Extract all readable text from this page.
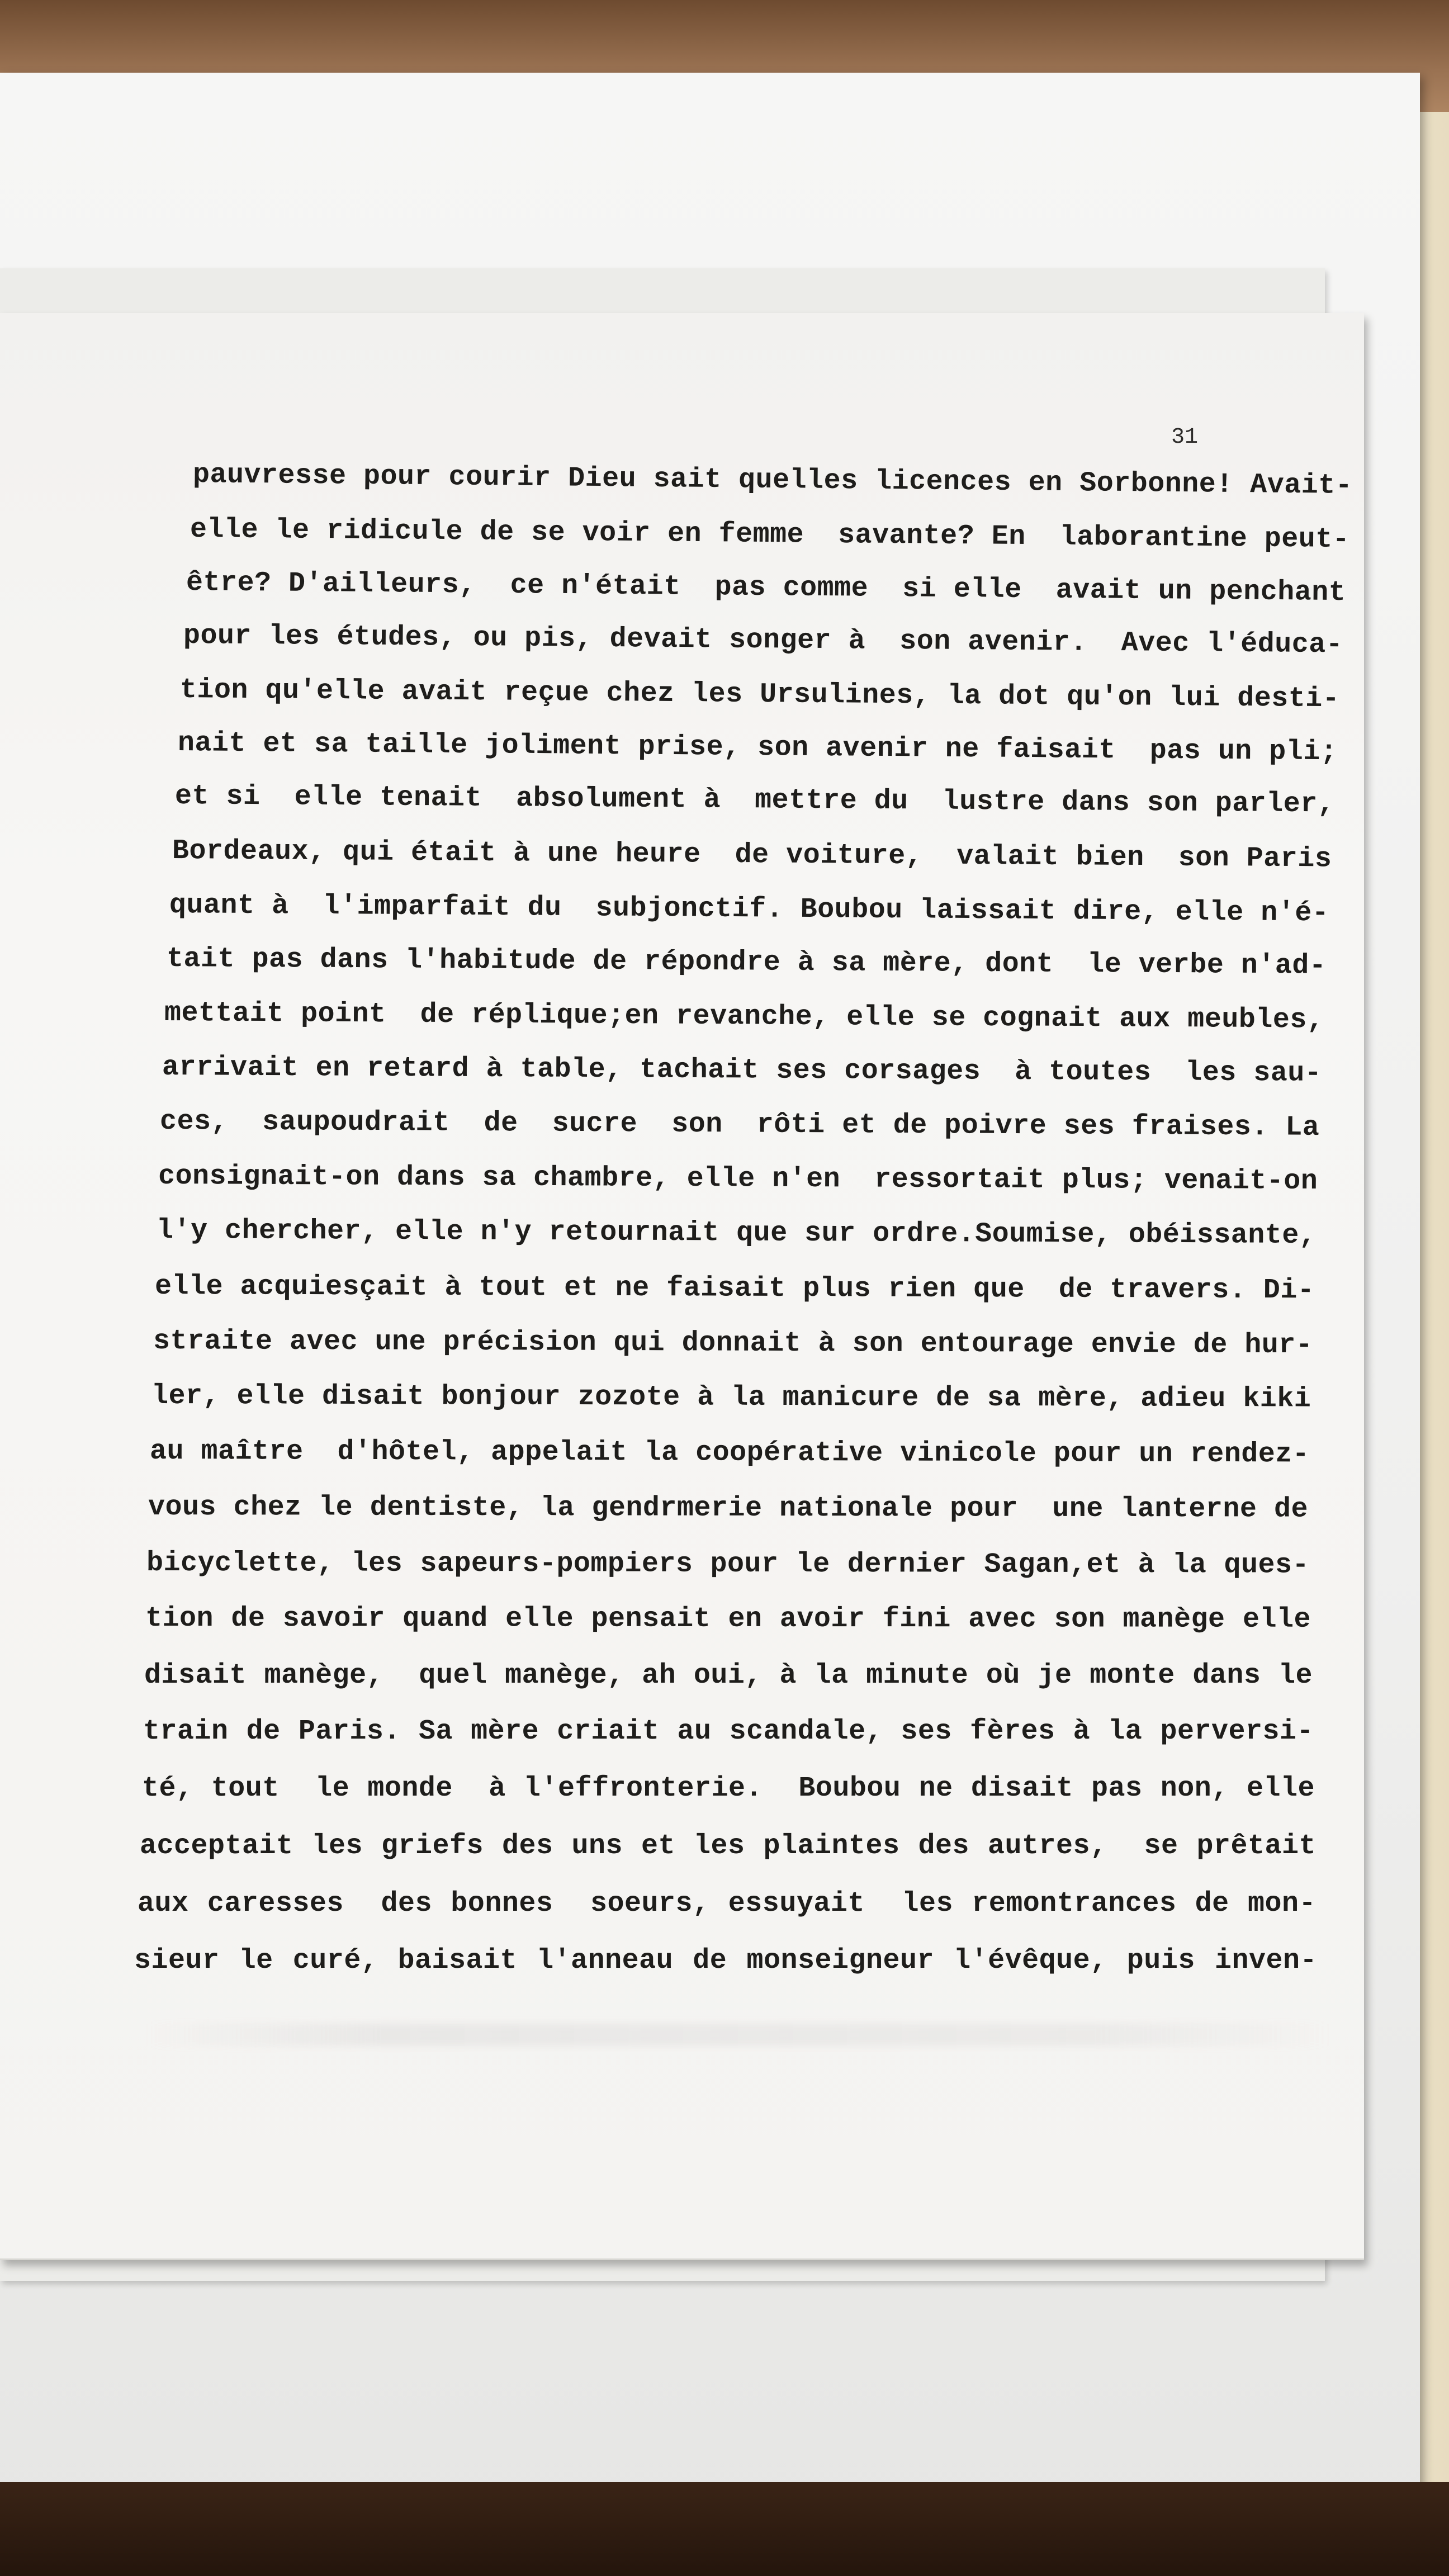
31
pauvresse pour courir Dieu sait quelles licences en Sorbonne! Avait-
elle le ridicule de se voir en femme  savante? En  laborantine peut-
être? D'ailleurs,  ce n'était  pas comme  si elle  avait un penchant
pour les études, ou pis, devait songer à  son avenir.  Avec l'éduca-
tion qu'elle avait reçue chez les Ursulines, la dot qu'on lui desti-
nait et sa taille joliment prise, son avenir ne faisait  pas un pli;
et si  elle tenait  absolument à  mettre du  lustre dans son parler,
Bordeaux, qui était à une heure  de voiture,  valait bien  son Paris
quant à  l'imparfait du  subjonctif. Boubou laissait dire, elle n'é-
tait pas dans l'habitude de répondre à sa mère, dont  le verbe n'ad-
mettait point  de réplique;en revanche, elle se cognait aux meubles,
arrivait en retard à table, tachait ses corsages  à toutes  les sau-
ces,  saupoudrait  de  sucre  son  rôti et de poivre ses fraises. La
consignait-on dans sa chambre, elle n'en  ressortait plus; venait-on
l'y chercher, elle n'y retournait que sur ordre.Soumise, obéissante,
elle acquiesçait à tout et ne faisait plus rien que  de travers. Di-
straite avec une précision qui donnait à son entourage envie de hur-
ler, elle disait bonjour zozote à la manicure de sa mère, adieu kiki
au maître  d'hôtel, appelait la coopérative vinicole pour un rendez-
vous chez le dentiste, la gendrmerie nationale pour  une lanterne de
bicyclette, les sapeurs-pompiers pour le dernier Sagan,et à la ques-
tion de savoir quand elle pensait en avoir fini avec son manège elle
disait manège,  quel manège, ah oui, à la minute où je monte dans le
train de Paris. Sa mère criait au scandale, ses fères à la perversi-
té, tout  le monde  à l'effronterie.  Boubou ne disait pas non, elle
acceptait les griefs des uns et les plaintes des autres,  se prêtait
aux caresses  des bonnes  soeurs, essuyait  les remontrances de mon-
sieur le curé, baisait l'anneau de monseigneur l'évêque, puis inven-
